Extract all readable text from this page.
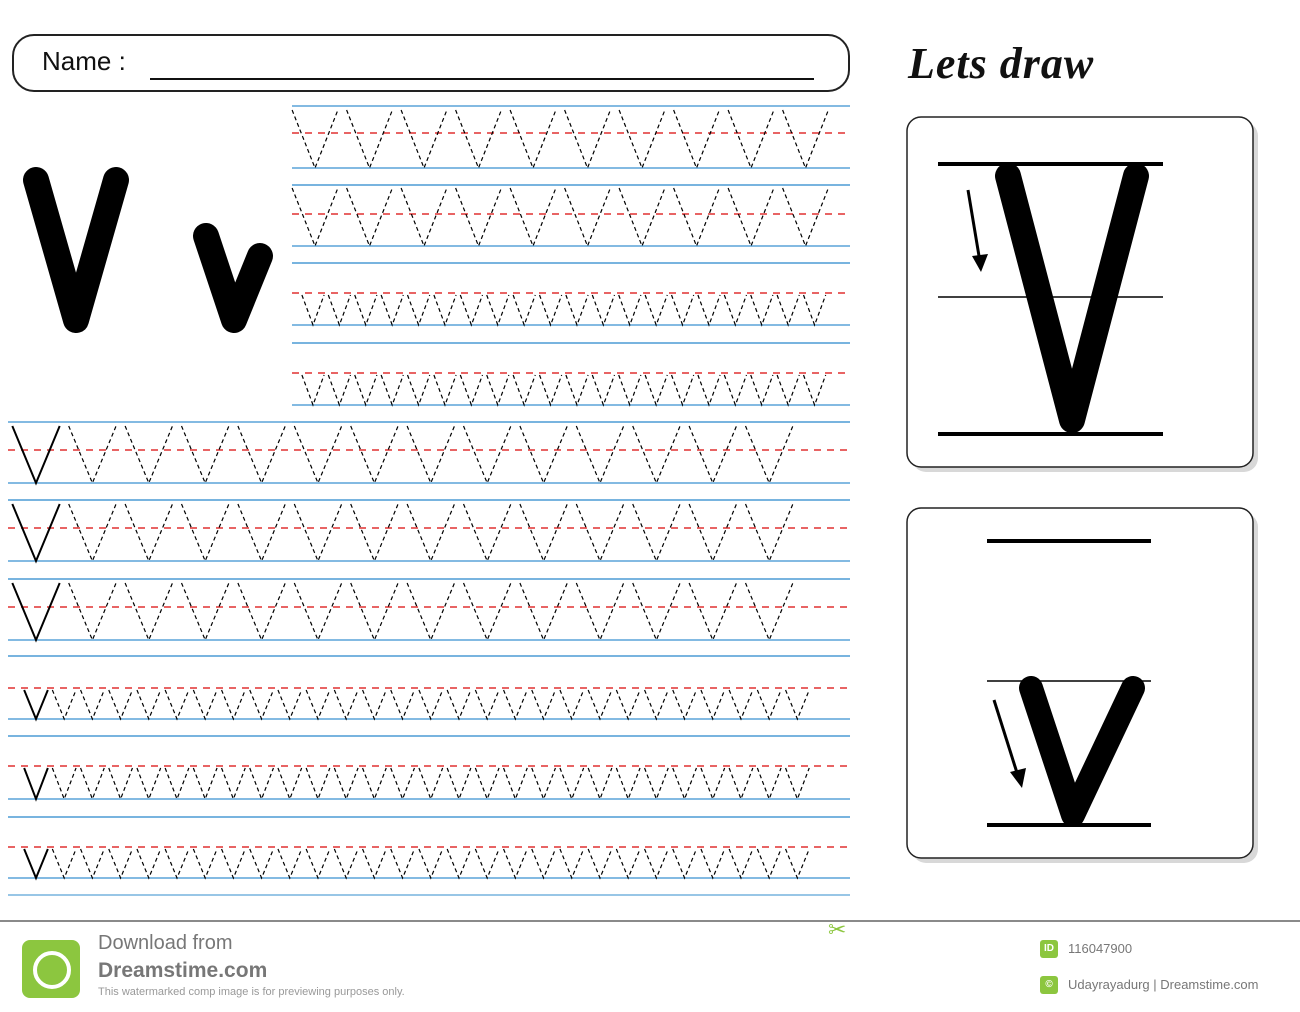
Name :	Lets draw
✂
Download from
Dreamstime.com
This watermarked comp image is for previewing purposes only.
ID	116047900
©	Udayrayadurg | Dreamstime.com
